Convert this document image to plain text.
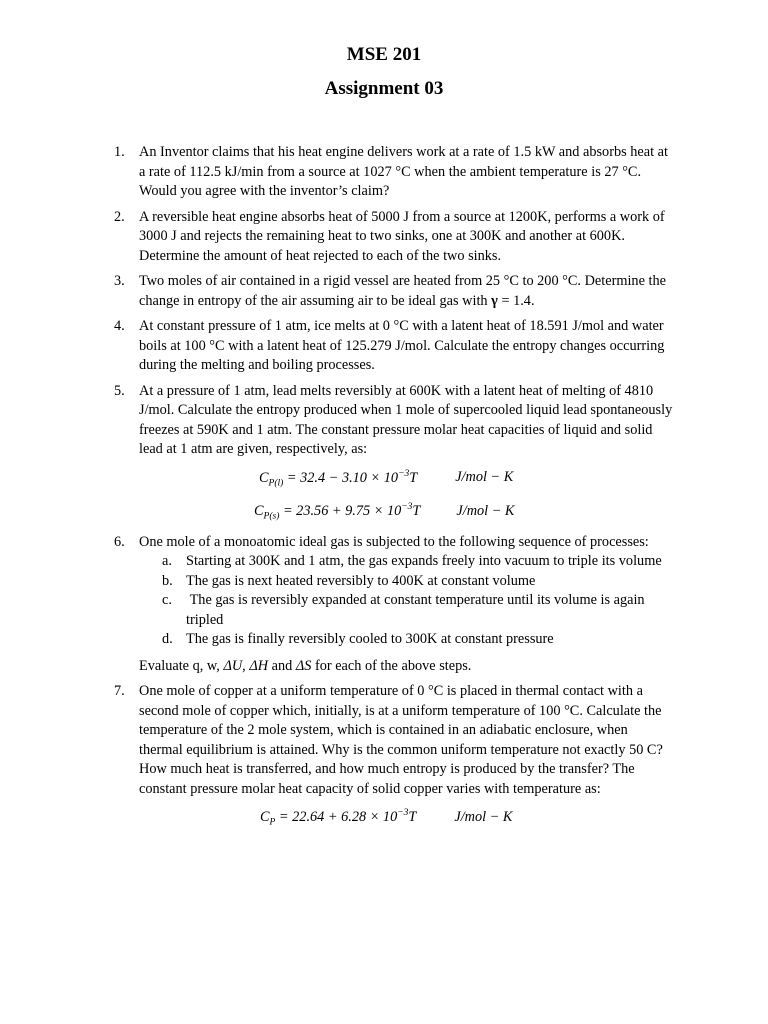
MSE 201
Assignment 03
1. An Inventor claims that his heat engine delivers work at a rate of 1.5 kW and absorbs heat at a rate of 112.5 kJ/min from a source at 1027 °C when the ambient temperature is 27 °C. Would you agree with the inventor’s claim?
2. A reversible heat engine absorbs heat of 5000 J from a source at 1200K, performs a work of 3000 J and rejects the remaining heat to two sinks, one at 300K and another at 600K. Determine the amount of heat rejected to each of the two sinks.
3. Two moles of air contained in a rigid vessel are heated from 25 °C to 200 °C. Determine the change in entropy of the air assuming air to be ideal gas with γ = 1.4.
4. At constant pressure of 1 atm, ice melts at 0 °C with a latent heat of 18.591 J/mol and water boils at 100 °C with a latent heat of 125.279 J/mol. Calculate the entropy changes occurring during the melting and boiling processes.
5. At a pressure of 1 atm, lead melts reversibly at 600K with a latent heat of melting of 4810 J/mol. Calculate the entropy produced when 1 mole of supercooled liquid lead spontaneously freezes at 590K and 1 atm. The constant pressure molar heat capacities of liquid and solid lead at 1 atm are given, respectively, as:
$C_{P(l)} = 32.4 - 3.10 \times 10^{-3}T$	J/mol − K
$C_{P(s)} = 23.56 + 9.75 \times 10^{-3}T$	J/mol − K
6. One mole of a monoatomic ideal gas is subjected to the following sequence of processes:
a. Starting at 300K and 1 atm, the gas expands freely into vacuum to triple its volume
b. The gas is next heated reversibly to 400K at constant volume
c. The gas is reversibly expanded at constant temperature until its volume is again tripled
d. The gas is finally reversibly cooled to 300K at constant pressure
Evaluate q, w, ΔU, ΔH and ΔS for each of the above steps.
7. One mole of copper at a uniform temperature of 0 °C is placed in thermal contact with a second mole of copper which, initially, is at a uniform temperature of 100 °C. Calculate the temperature of the 2 mole system, which is contained in an adiabatic enclosure, when thermal equilibrium is attained. Why is the common uniform temperature not exactly 50 C? How much heat is transferred, and how much entropy is produced by the transfer? The constant pressure molar heat capacity of solid copper varies with temperature as:
$C_P = 22.64 + 6.28 \times 10^{-3}T$	J/mol − K
